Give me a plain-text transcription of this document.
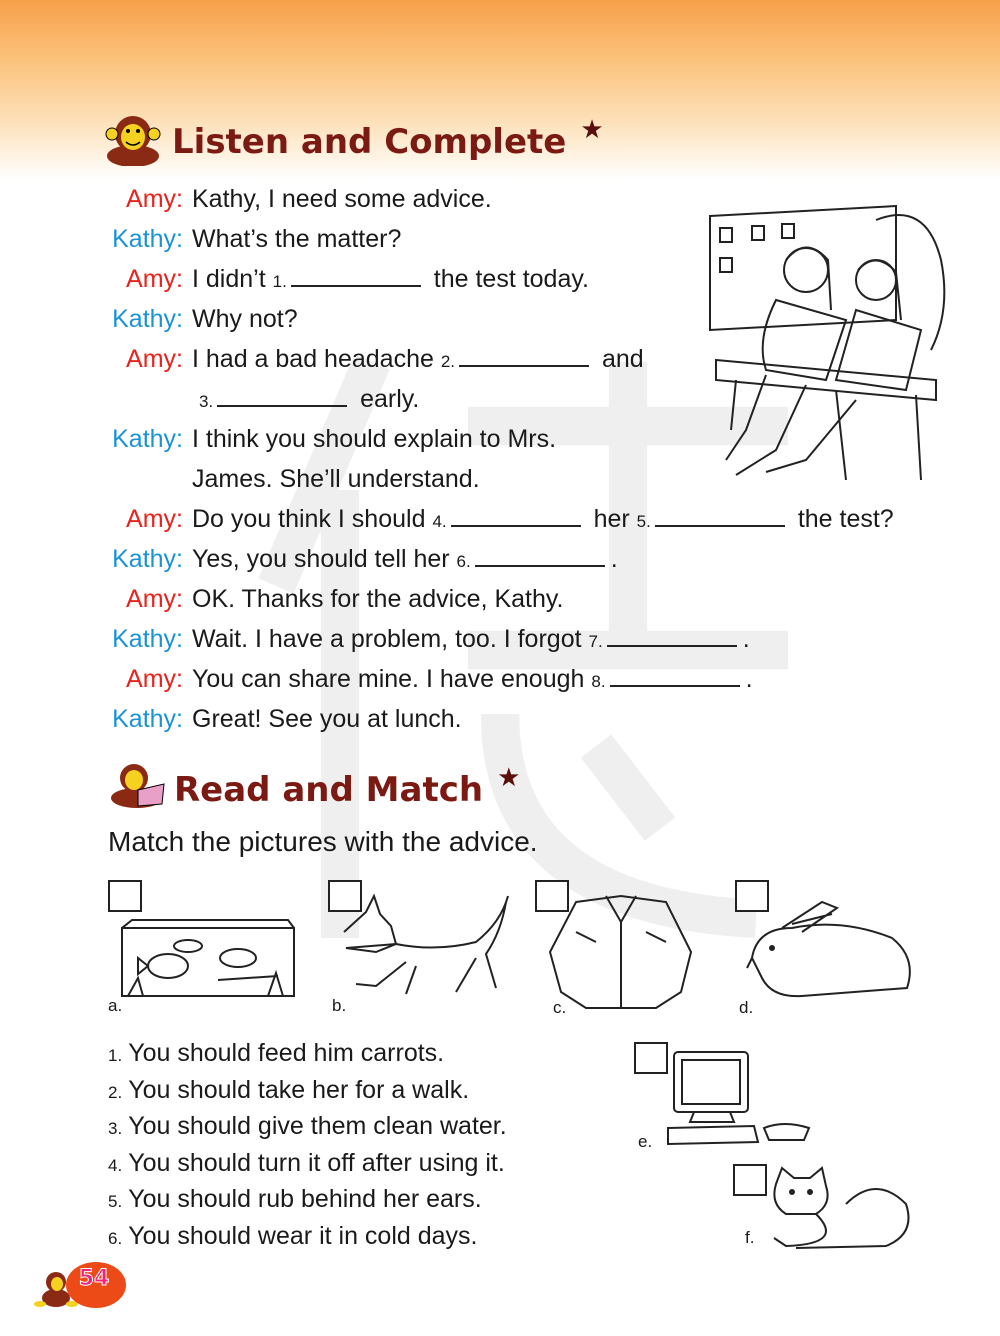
Listen and Complete ★
Amy: Kathy, I need some advice.
Kathy: What’s the matter?
Amy: I didn’t 1.	the test today.
Kathy: Why not?
Amy: I had a bad headache 2.	and
3.	early.
Kathy: I think you should explain to Mrs.
James. She’ll understand.
Amy: Do you think I should 4.	her 5.	the test?
Kathy: Yes, you should tell her 6.	.
Amy: OK. Thanks for the advice, Kathy.
Kathy: Wait. I have a problem, too. I forgot 7.	.
Amy: You can share mine. I have enough 8.	.
Kathy: Great! See you at lunch.
Read and Match ★
Match the pictures with the advice.
a.	b.	c.	d.
e.
f.
1. You should feed him carrots.
2. You should take her for a walk.
3. You should give them clean water.
4. You should turn it off after using it.
5. You should rub behind her ears.
6. You should wear it in cold days.
54
